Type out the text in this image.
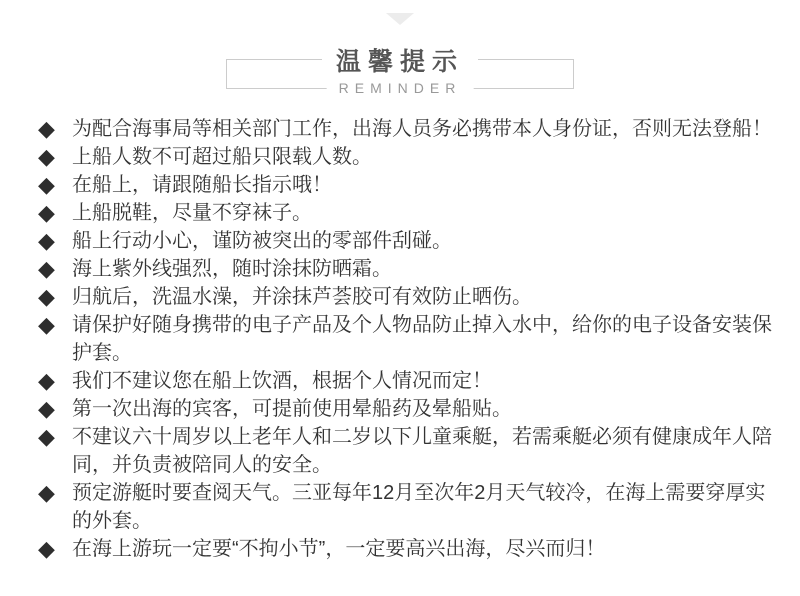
温馨提示
REMINDER
◆ 为配合海事局等相关部门工作，出海人员务必携带本人身份证，否则无法登船！
◆ 上船人数不可超过船只限载人数。
◆ 在船上，请跟随船长指示哦！
◆ 上船脱鞋，尽量不穿袜子。
◆ 船上行动小心，谨防被突出的零部件刮碰。
◆ 海上紫外线强烈，随时涂抹防晒霜。
◆ 归航后，洗温水澡，并涂抹芦荟胶可有效防止晒伤。
◆ 请保护好随身携带的电子产品及个人物品防止掉入水中，给你的电子设备安装保
护套。
◆ 我们不建议您在船上饮酒，根据个人情况而定！
◆ 第一次出海的宾客，可提前使用晕船药及晕船贴。
◆ 不建议六十周岁以上老年人和二岁以下儿童乘艇，若需乘艇必须有健康成年人陪
同，并负责被陪同人的安全。
◆ 预定游艇时要查阅天气。三亚每年12月至次年2月天气较冷，在海上需要穿厚实
的外套。
◆ 在海上游玩一定要“不拘小节”，一定要高兴出海，尽兴而归！
